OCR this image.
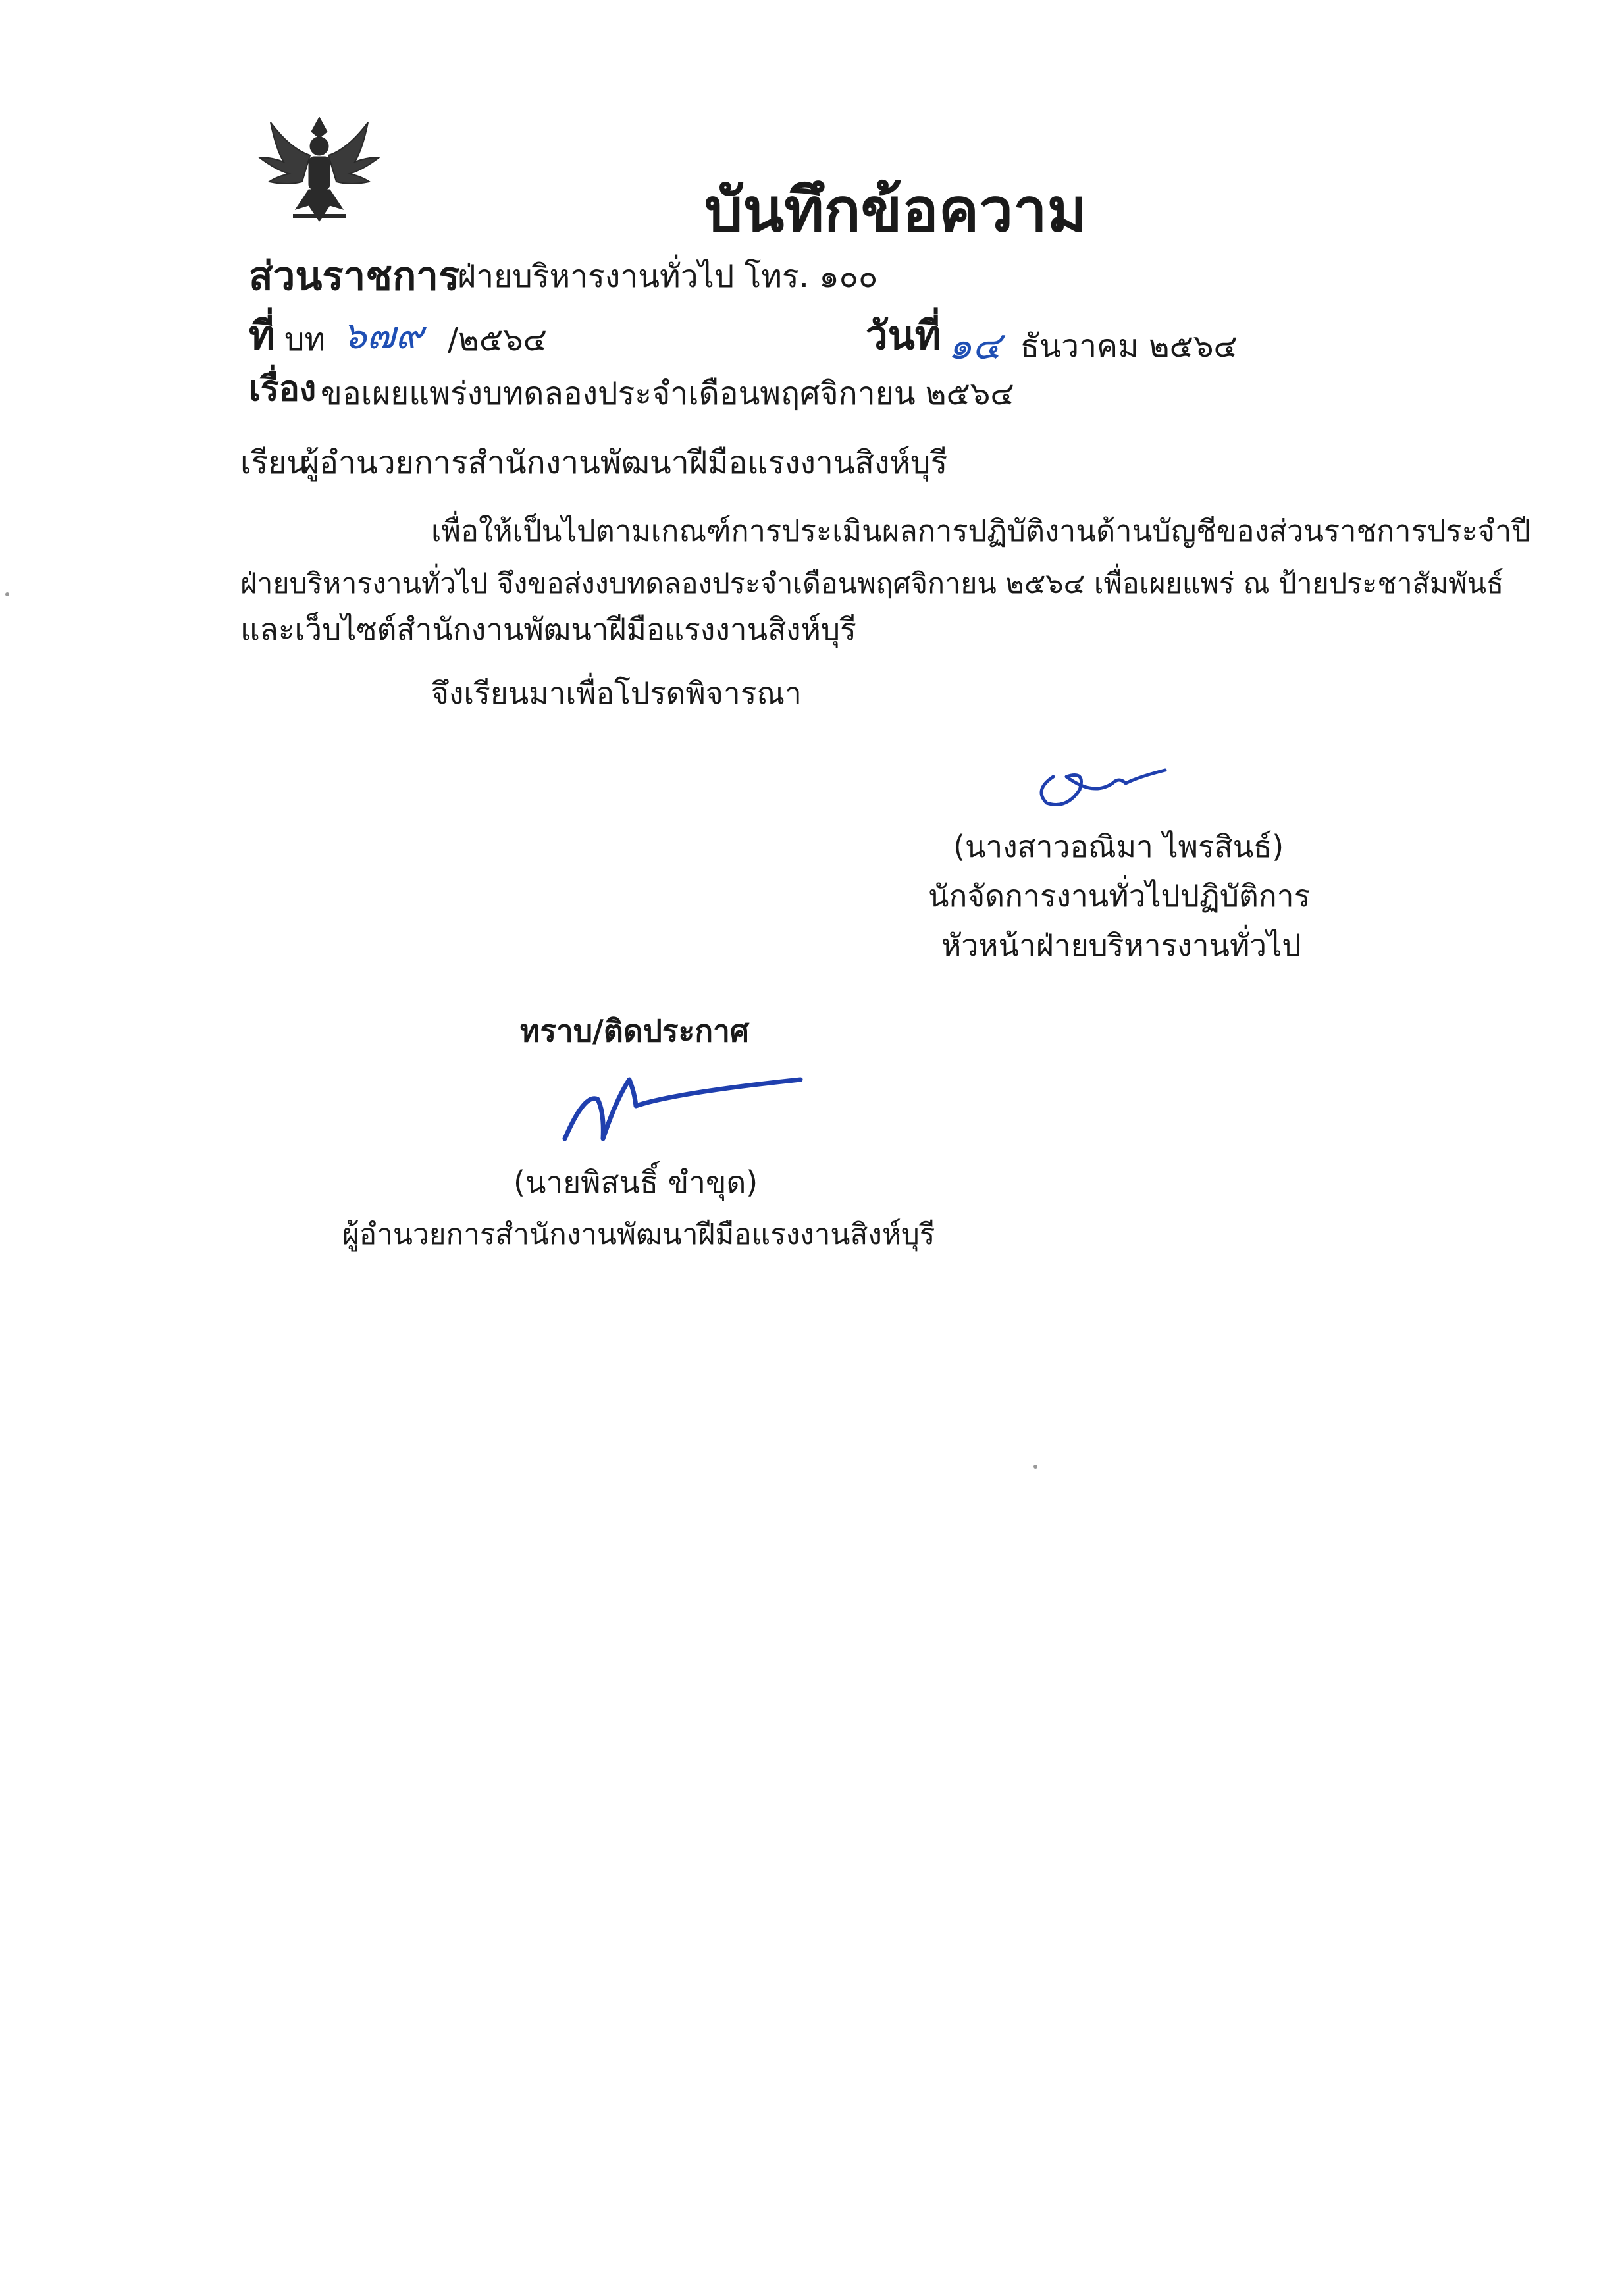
บันทึกข้อความ
ส่วนราชการ
ฝ่ายบริหารงานทั่วไป โทร. ๑๐๐
ที่ บท ๖๗๙ /๒๕๖๔	วันที่ ๑๔ ธันวาคม ๒๕๖๔
เรื่อง ขอเผยแพร่งบทดลองประจำเดือนพฤศจิกายน ๒๕๖๔
เรียน
ผู้อำนวยการสำนักงานพัฒนาฝีมือแรงงานสิงห์บุรี
เพื่อให้เป็นไปตามเกณฑ์การประเมินผลการปฏิบัติงานด้านบัญชีของส่วนราชการประจำปี
ฝ่ายบริหารงานทั่วไป จึงขอส่งงบทดลองประจำเดือนพฤศจิกายน ๒๕๖๔ เพื่อเผยแพร่ ณ ป้ายประชาสัมพันธ์
และเว็บไซต์สำนักงานพัฒนาฝีมือแรงงานสิงห์บุรี
จึงเรียนมาเพื่อโปรดพิจารณา
(นางสาวอณิมา ไพรสินธ์)
นักจัดการงานทั่วไปปฏิบัติการ
หัวหน้าฝ่ายบริหารงานทั่วไป
ทราบ/ติดประกาศ
(นายพิสนธิ์ ขำขุด)
ผู้อำนวยการสำนักงานพัฒนาฝีมือแรงงานสิงห์บุรี
